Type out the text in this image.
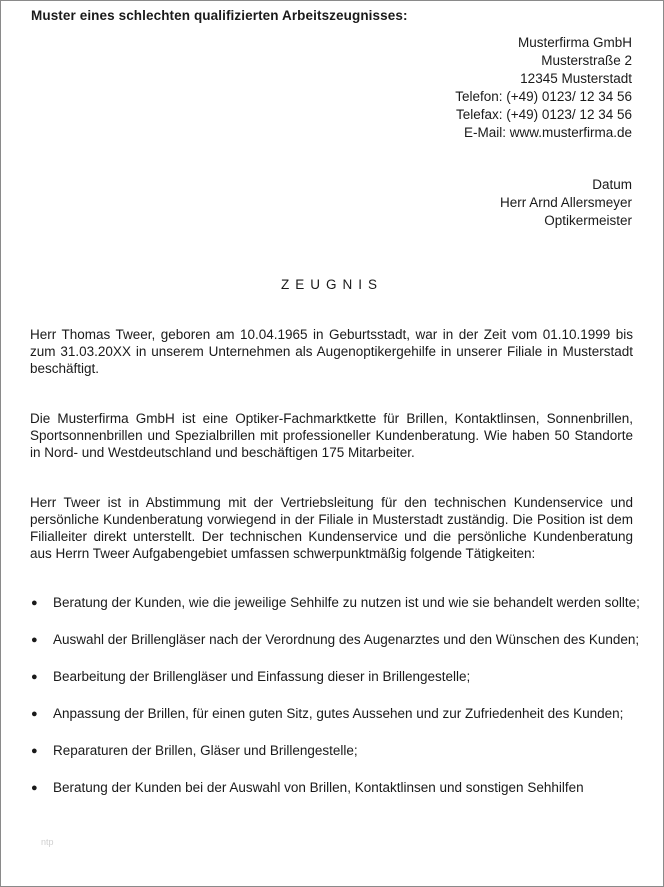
Muster eines schlechten qualifizierten Arbeitszeugnisses:
Musterfirma GmbH
Musterstraße 2
12345 Musterstadt
Telefon: (+49) 0123/ 12 34 56
Telefax: (+49) 0123/ 12 34 56
E-Mail: www.musterfirma.de
Datum
Herr Arnd Allersmeyer
Optikermeister
ZEUGNIS
Herr Thomas Tweer, geboren am 10.04.1965 in Geburtsstadt, war in der Zeit vom 01.10.1999 bis zum 31.03.20XX in unserem Unternehmen als Augenoptikergehilfe in unserer Filiale in Musterstadt beschäftigt.
Die Musterfirma GmbH ist eine Optiker-Fachmarktkette für Brillen, Kontaktlinsen, Sonnenbrillen, Sportsonnenbrillen und Spezialbrillen mit professioneller Kundenberatung. Wie haben 50 Standorte in Nord- und Westdeutschland und beschäftigen 175 Mitarbeiter.
Herr Tweer ist in Abstimmung mit der Vertriebsleitung für den technischen Kundenservice und persönliche Kundenberatung vorwiegend in der Filiale in Musterstadt zuständig. Die Position ist dem Filialleiter direkt unterstellt. Der technischen Kundenservice und die persönliche Kundenberatung aus Herrn Tweer Aufgabengebiet umfassen schwerpunktmäßig folgende Tätigkeiten:
● Beratung der Kunden, wie die jeweilige Sehhilfe zu nutzen ist und wie sie behandelt werden sollte;
● Auswahl der Brillengläser nach der Verordnung des Augenarztes und den Wünschen des Kunden;
● Bearbeitung der Brillengläser und Einfassung dieser in Brillengestelle;
● Anpassung der Brillen, für einen guten Sitz, gutes Aussehen und zur Zufriedenheit des Kunden;
● Reparaturen der Brillen, Gläser und Brillengestelle;
● Beratung der Kunden bei der Auswahl von Brillen, Kontaktlinsen und sonstigen Sehhilfen
ntp
